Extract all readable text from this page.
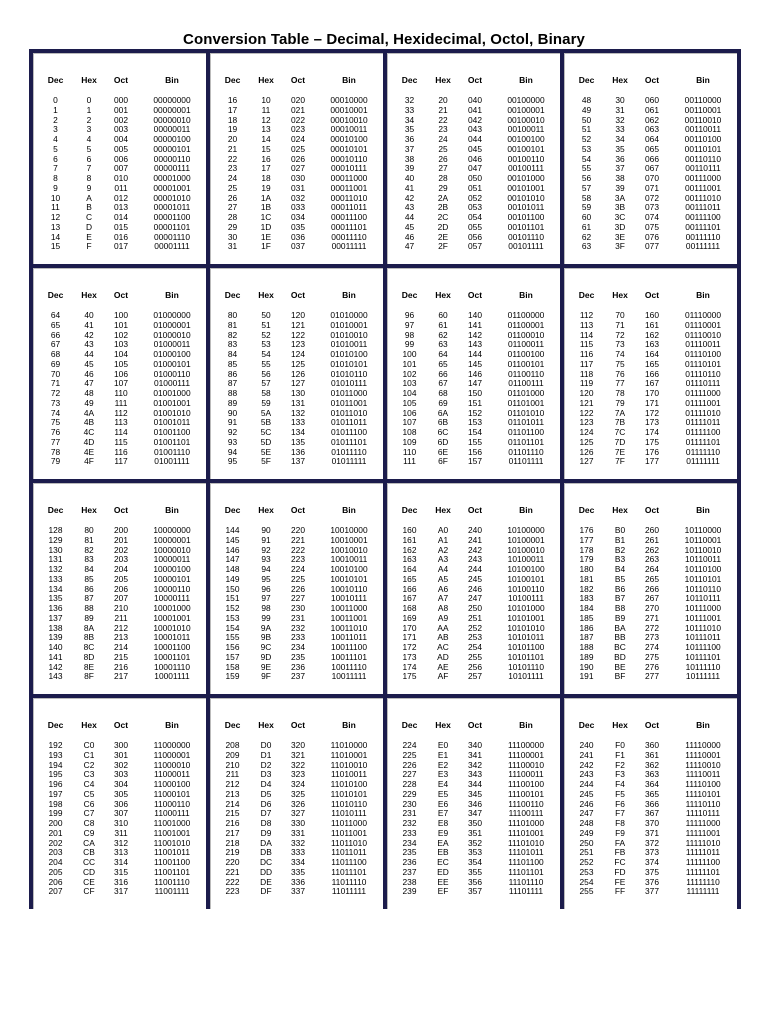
Conversion Table – Decimal, Hexidecimal, Octol, Binary
Dec	Hex	Oct	Bin
0	0	000	00000000
1	1	001	00000001
2	2	002	00000010
3	3	003	00000011
4	4	004	00000100
5	5	005	00000101
6	6	006	00000110
7	7	007	00000111
8	8	010	00001000
9	9	011	00001001
10	A	012	00001010
11	B	013	00001011
12	C	014	00001100
13	D	015	00001101
14	E	016	00001110
15	F	017	00001111
Dec	Hex	Oct	Bin
16	10	020	00010000
17	11	021	00010001
18	12	022	00010010
19	13	023	00010011
20	14	024	00010100
21	15	025	00010101
22	16	026	00010110
23	17	027	00010111
24	18	030	00011000
25	19	031	00011001
26	1A	032	00011010
27	1B	033	00011011
28	1C	034	00011100
29	1D	035	00011101
30	1E	036	00011110
31	1F	037	00011111
Dec	Hex	Oct	Bin
32	20	040	00100000
33	21	041	00100001
34	22	042	00100010
35	23	043	00100011
36	24	044	00100100
37	25	045	00100101
38	26	046	00100110
39	27	047	00100111
40	28	050	00101000
41	29	051	00101001
42	2A	052	00101010
43	2B	053	00101011
44	2C	054	00101100
45	2D	055	00101101
46	2E	056	00101110
47	2F	057	00101111
Dec	Hex	Oct	Bin
48	30	060	00110000
49	31	061	00110001
50	32	062	00110010
51	33	063	00110011
52	34	064	00110100
53	35	065	00110101
54	36	066	00110110
55	37	067	00110111
56	38	070	00111000
57	39	071	00111001
58	3A	072	00111010
59	3B	073	00111011
60	3C	074	00111100
61	3D	075	00111101
62	3E	076	00111110
63	3F	077	00111111
Dec	Hex	Oct	Bin
64	40	100	01000000
65	41	101	01000001
66	42	102	01000010
67	43	103	01000011
68	44	104	01000100
69	45	105	01000101
70	46	106	01000110
71	47	107	01000111
72	48	110	01001000
73	49	111	01001001
74	4A	112	01001010
75	4B	113	01001011
76	4C	114	01001100
77	4D	115	01001101
78	4E	116	01001110
79	4F	117	01001111
Dec	Hex	Oct	Bin
80	50	120	01010000
81	51	121	01010001
82	52	122	01010010
83	53	123	01010011
84	54	124	01010100
85	55	125	01010101
86	56	126	01010110
87	57	127	01010111
88	58	130	01011000
89	59	131	01011001
90	5A	132	01011010
91	5B	133	01011011
92	5C	134	01011100
93	5D	135	01011101
94	5E	136	01011110
95	5F	137	01011111
Dec	Hex	Oct	Bin
96	60	140	01100000
97	61	141	01100001
98	62	142	01100010
99	63	143	01100011
100	64	144	01100100
101	65	145	01100101
102	66	146	01100110
103	67	147	01100111
104	68	150	01101000
105	69	151	01101001
106	6A	152	01101010
107	6B	153	01101011
108	6C	154	01101100
109	6D	155	01101101
110	6E	156	01101110
111	6F	157	01101111
Dec	Hex	Oct	Bin
112	70	160	01110000
113	71	161	01110001
114	72	162	01110010
115	73	163	01110011
116	74	164	01110100
117	75	165	01110101
118	76	166	01110110
119	77	167	01110111
120	78	170	01111000
121	79	171	01111001
122	7A	172	01111010
123	7B	173	01111011
124	7C	174	01111100
125	7D	175	01111101
126	7E	176	01111110
127	7F	177	01111111
Dec	Hex	Oct	Bin
128	80	200	10000000
129	81	201	10000001
130	82	202	10000010
131	83	203	10000011
132	84	204	10000100
133	85	205	10000101
134	86	206	10000110
135	87	207	10000111
136	88	210	10001000
137	89	211	10001001
138	8A	212	10001010
139	8B	213	10001011
140	8C	214	10001100
141	8D	215	10001101
142	8E	216	10001110
143	8F	217	10001111
Dec	Hex	Oct	Bin
144	90	220	10010000
145	91	221	10010001
146	92	222	10010010
147	93	223	10010011
148	94	224	10010100
149	95	225	10010101
150	96	226	10010110
151	97	227	10010111
152	98	230	10011000
153	99	231	10011001
154	9A	232	10011010
155	9B	233	10011011
156	9C	234	10011100
157	9D	235	10011101
158	9E	236	10011110
159	9F	237	10011111
Dec	Hex	Oct	Bin
160	A0	240	10100000
161	A1	241	10100001
162	A2	242	10100010
163	A3	243	10100011
164	A4	244	10100100
165	A5	245	10100101
166	A6	246	10100110
167	A7	247	10100111
168	A8	250	10101000
169	A9	251	10101001
170	AA	252	10101010
171	AB	253	10101011
172	AC	254	10101100
173	AD	255	10101101
174	AE	256	10101110
175	AF	257	10101111
Dec	Hex	Oct	Bin
176	B0	260	10110000
177	B1	261	10110001
178	B2	262	10110010
179	B3	263	10110011
180	B4	264	10110100
181	B5	265	10110101
182	B6	266	10110110
183	B7	267	10110111
184	B8	270	10111000
185	B9	271	10111001
186	BA	272	10111010
187	BB	273	10111011
188	BC	274	10111100
189	BD	275	10111101
190	BE	276	10111110
191	BF	277	10111111
Dec	Hex	Oct	Bin
192	C0	300	11000000
193	C1	301	11000001
194	C2	302	11000010
195	C3	303	11000011
196	C4	304	11000100
197	C5	305	11000101
198	C6	306	11000110
199	C7	307	11000111
200	C8	310	11001000
201	C9	311	11001001
202	CA	312	11001010
203	CB	313	11001011
204	CC	314	11001100
205	CD	315	11001101
206	CE	316	11001110
207	CF	317	11001111
Dec	Hex	Oct	Bin
208	D0	320	11010000
209	D1	321	11010001
210	D2	322	11010010
211	D3	323	11010011
212	D4	324	11010100
213	D5	325	11010101
214	D6	326	11010110
215	D7	327	11010111
216	D8	330	11011000
217	D9	331	11011001
218	DA	332	11011010
219	DB	333	11011011
220	DC	334	11011100
221	DD	335	11011101
222	DE	336	11011110
223	DF	337	11011111
Dec	Hex	Oct	Bin
224	E0	340	11100000
225	E1	341	11100001
226	E2	342	11100010
227	E3	343	11100011
228	E4	344	11100100
229	E5	345	11100101
230	E6	346	11100110
231	E7	347	11100111
232	E8	350	11101000
233	E9	351	11101001
234	EA	352	11101010
235	EB	353	11101011
236	EC	354	11101100
237	ED	355	11101101
238	EE	356	11101110
239	EF	357	11101111
Dec	Hex	Oct	Bin
240	F0	360	11110000
241	F1	361	11110001
242	F2	362	11110010
243	F3	363	11110011
244	F4	364	11110100
245	F5	365	11110101
246	F6	366	11110110
247	F7	367	11110111
248	F8	370	11111000
249	F9	371	11111001
250	FA	372	11111010
251	FB	373	11111011
252	FC	374	11111100
253	FD	375	11111101
254	FE	376	11111110
255	FF	377	11111111
